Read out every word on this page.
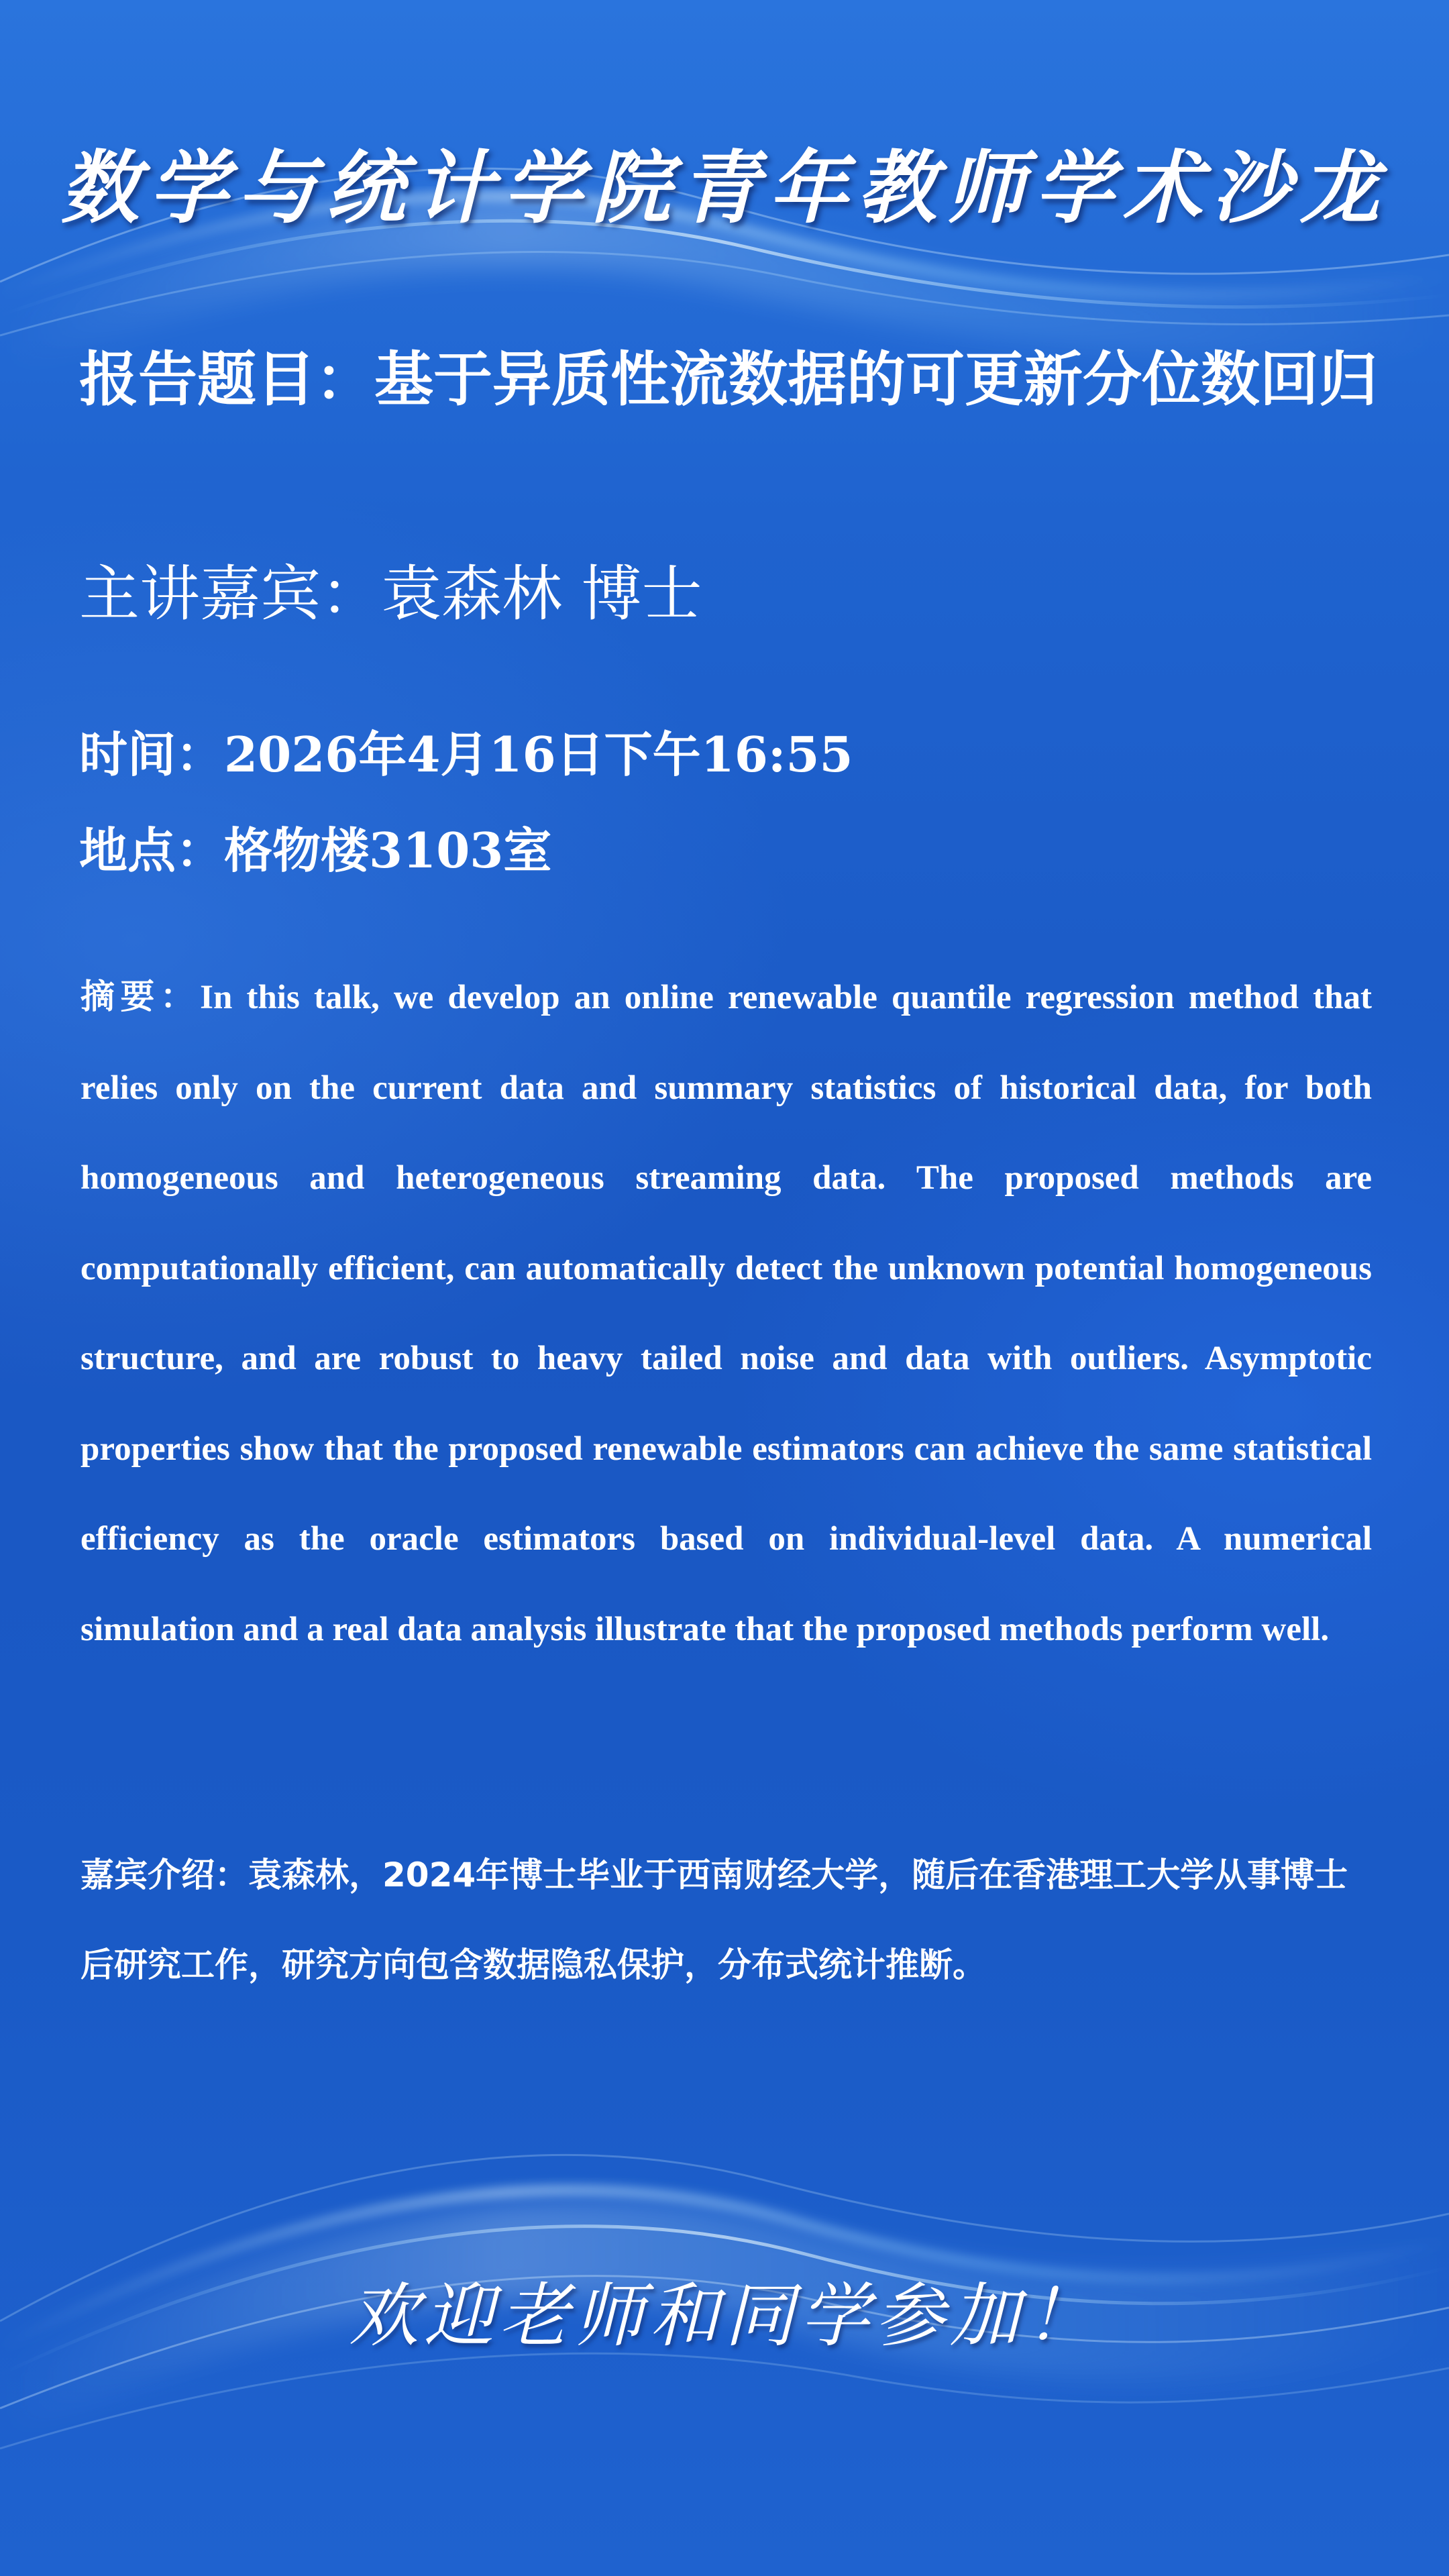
数学与统计学院青年教师学术沙龙
报告题目：基于异质性流数据的可更新分位数回归
主讲嘉宾：袁森林 博士
时间：2026年4月16日下午16:55
地点：格物楼3103室
摘要：In this talk, we develop an online renewable quantile regression method that relies only on the current data and summary statistics of historical data, for both homogeneous and heterogeneous streaming data. The proposed methods are computationally efficient, can automatically detect the unknown potential homogeneous structure, and are robust to heavy tailed noise and data with outliers. Asymptotic properties show that the proposed renewable estimators can achieve the same statistical efficiency as the oracle estimators based on individual-level data. A numerical simulation and a real data analysis illustrate that the proposed methods perform well.
嘉宾介绍：袁森林，2024年博士毕业于西南财经大学，随后在香港理工大学从事博士后研究工作，研究方向包含数据隐私保护，分布式统计推断。
欢迎老师和同学参加！
